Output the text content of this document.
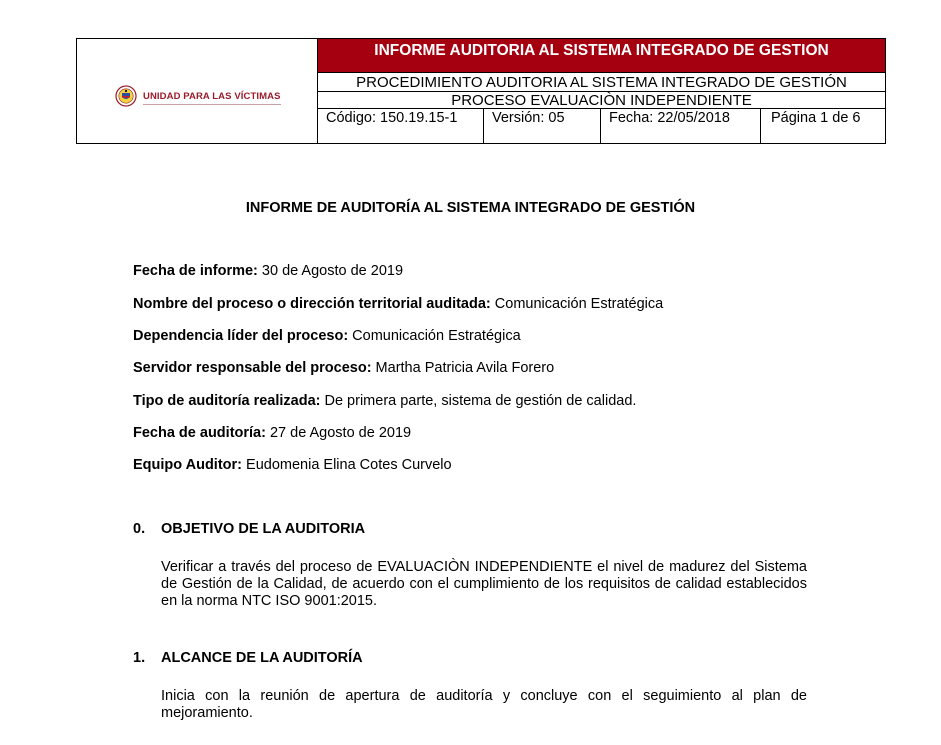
UNIDAD PARA LAS VÍCTIMAS
INFORME AUDITORIA AL SISTEMA INTEGRADO DE GESTION
PROCEDIMIENTO AUDITORIA AL SISTEMA INTEGRADO DE GESTIÓN
PROCESO EVALUACIÒN INDEPENDIENTE
Código: 150.19.15-1	Versión: 05	Fecha: 22/05/2018	Página 1 de 6
INFORME DE AUDITORÍA AL SISTEMA INTEGRADO DE GESTIÓN
Fecha de informe: 30 de Agosto de 2019
Nombre del proceso o dirección territorial auditada: Comunicación Estratégica
Dependencia líder del proceso: Comunicación Estratégica
Servidor responsable del proceso: Martha Patricia Avila Forero
Tipo de auditoría realizada: De primera parte, sistema de gestión de calidad.
Fecha de auditoría: 27 de Agosto de 2019
Equipo Auditor: Eudomenia Elina Cotes Curvelo
0. OBJETIVO DE LA AUDITORIA
Verificar a través del proceso de EVALUACIÒN INDEPENDIENTE el nivel de madurez del Sistema de Gestión de la Calidad, de acuerdo con el cumplimiento de los requisitos de calidad establecidos en la norma NTC ISO 9001:2015.
1. ALCANCE DE LA AUDITORÍA
Inicia con la reunión de apertura de auditoría y concluye con el seguimiento al plan de mejoramiento.
